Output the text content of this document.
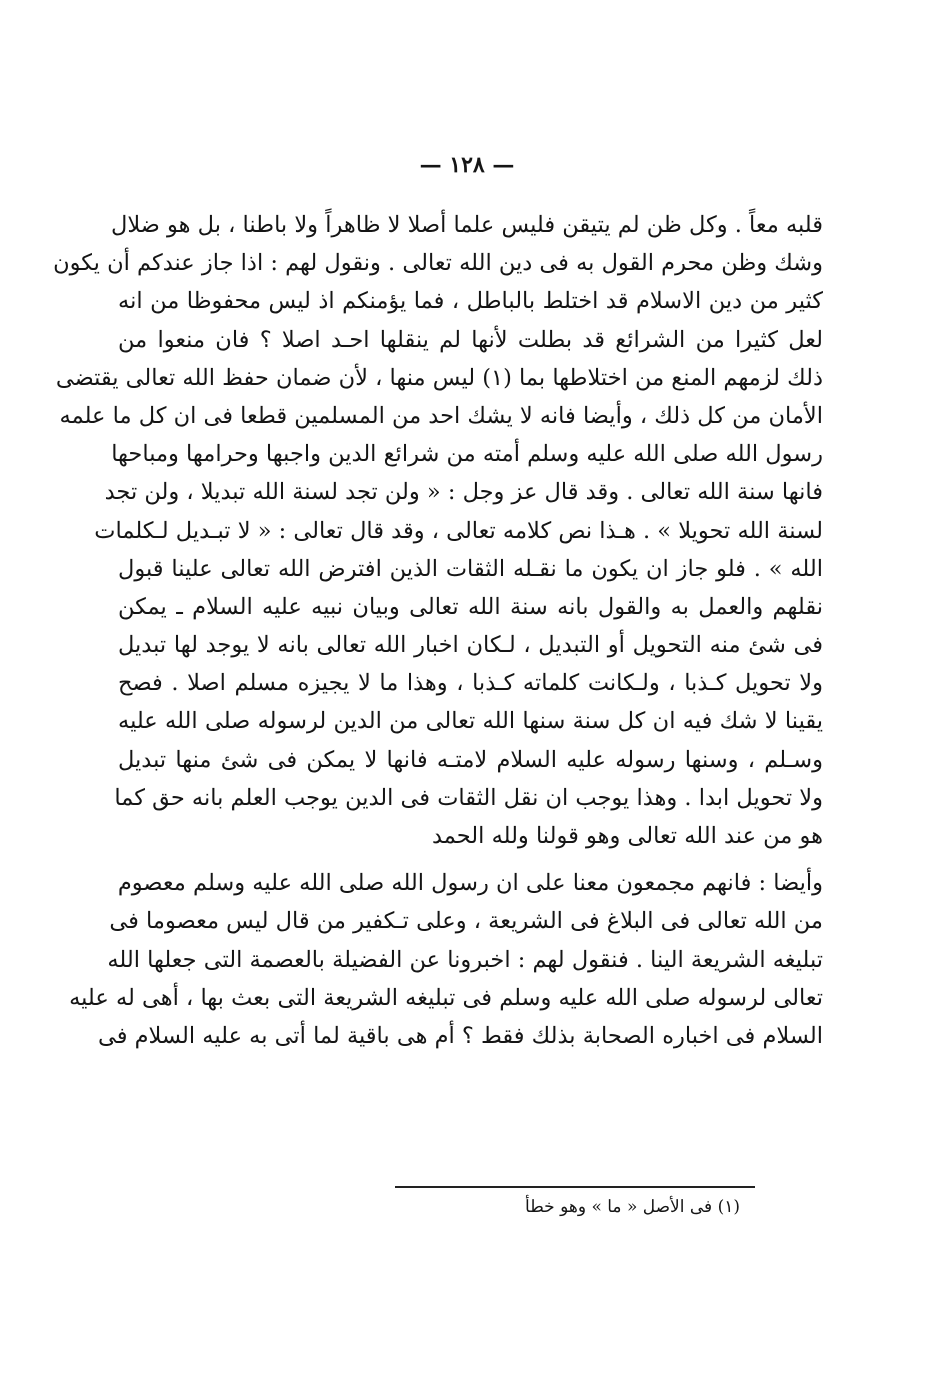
— ١٢٨ —
قلبه معاً . وكل ظن لم يتيقن فليس علما أصلا لا ظاهراً ولا باطنا ، بل هو ضلال
وشك وظن محرم القول به فى دين الله تعالى . ونقول لهم : اذا جاز عندكم أن يكون
كثير من دين الاسلام قد اختلط بالباطل ، فما يؤمنكم اذ ليس محفوظا من انه
لعل كثيرا من الشرائع قد بطلت لأنها لم ينقلها احـد اصلا ؟ فان منعوا من
ذلك لزمهم المنع من اختلاطها بما (١) ليس منها ، لأن ضمان حفظ الله تعالى يقتضى
الأمان من كل ذلك ، وأيضا فانه لا يشك احد من المسلمين قطعا فى ان كل ما علمه
رسول الله صلى الله عليه وسلم أمته من شرائع الدين واجبها وحرامها ومباحها
فانها سنة الله تعالى . وقد قال عز وجل : « ولن تجد لسنة الله تبديلا ، ولن تجد
لسنة الله تحويلا » . هـذا نص كلامه تعالى ، وقد قال تعالى : « لا تبـديل لـكلمات
الله » . فلو جاز ان يكون ما نقـله الثقات الذين افترض الله تعالى علينا قبول
نقلهم والعمل به والقول بانه سنة الله تعالى وبيان نبيه عليه السلام ـ يمكن
فى شئ منه التحويل أو التبديل ، لـكان اخبار الله تعالى بانه لا يوجد لها تبديل
ولا تحويل كـذبا ، ولـكانت كلماته كـذبا ، وهذا ما لا يجيزه مسلم اصلا . فصح
يقينا لا شك فيه ان كل سنة سنها الله تعالى من الدين لرسوله صلى الله عليه
وسـلم ، وسنها رسوله عليه السلام لامتـه فانها لا يمكن فى شئ منها تبديل
ولا تحويل ابدا . وهذا يوجب ان نقل الثقات فى الدين يوجب العلم بانه حق كما
هو من عند الله تعالى وهو قولنا ولله الحمد
وأيضا : فانهم مجمعون معنا على ان رسول الله صلى الله عليه وسلم معصوم
من الله تعالى فى البلاغ فى الشريعة ، وعلى تـكفير من قال ليس معصوما فى
تبليغه الشريعة الينا . فنقول لهم : اخبرونا عن الفضيلة بالعصمة التى جعلها الله
تعالى لرسوله صلى الله عليه وسلم فى تبليغه الشريعة التى بعث بها ، أهى له عليه
السلام فى اخباره الصحابة بذلك فقط ؟ أم هى باقية لما أتى به عليه السلام فى
(١) فى الأصل « ما » وهو خطأ
